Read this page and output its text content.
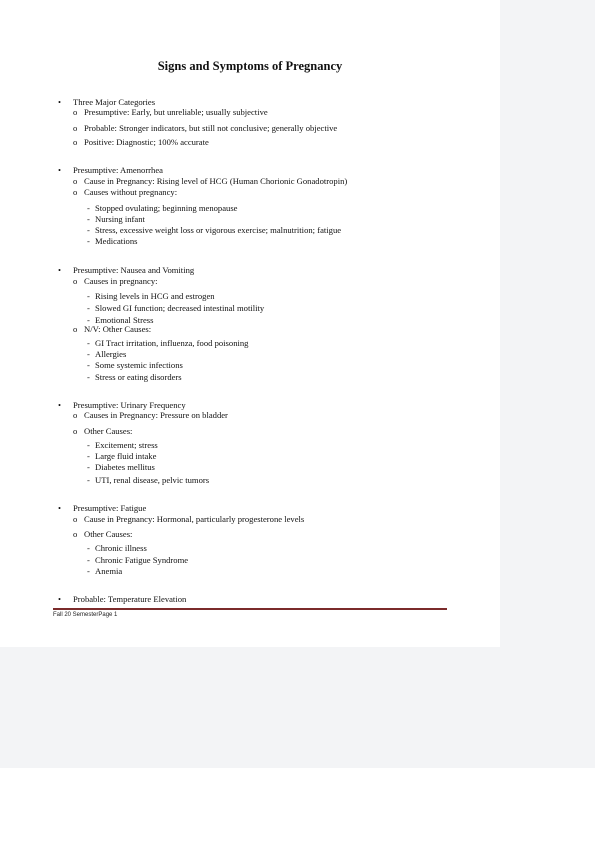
Signs and Symptoms of Pregnancy
• Three Major Categories
o Presumptive: Early, but unreliable; usually subjective
o Probable: Stronger indicators, but still not conclusive; generally objective
o Positive: Diagnostic; 100% accurate
• Presumptive: Amenorrhea
o Cause in Pregnancy: Rising level of HCG (Human Chorionic Gonadotropin)
o Causes without pregnancy:
- Stopped ovulating; beginning menopause
- Nursing infant
- Stress, excessive weight loss or vigorous exercise; malnutrition; fatigue
- Medications
• Presumptive: Nausea and Vomiting
o Causes in pregnancy:
- Rising levels in HCG and estrogen
- Slowed GI function; decreased intestinal motility
- Emotional Stress
o N/V: Other Causes:
- GI Tract irritation, influenza, food poisoning
- Allergies
- Some systemic infections
- Stress or eating disorders
• Presumptive: Urinary Frequency
o Causes in Pregnancy: Pressure on bladder
o Other Causes:
- Excitement; stress
- Large fluid intake
- Diabetes mellitus
- UTI, renal disease, pelvic tumors
• Presumptive: Fatigue
o Cause in Pregnancy: Hormonal, particularly progesterone levels
o Other Causes:
- Chronic illness
- Chronic Fatigue Syndrome
- Anemia
• Probable: Temperature Elevation
Fall 20 SemesterPage 1
